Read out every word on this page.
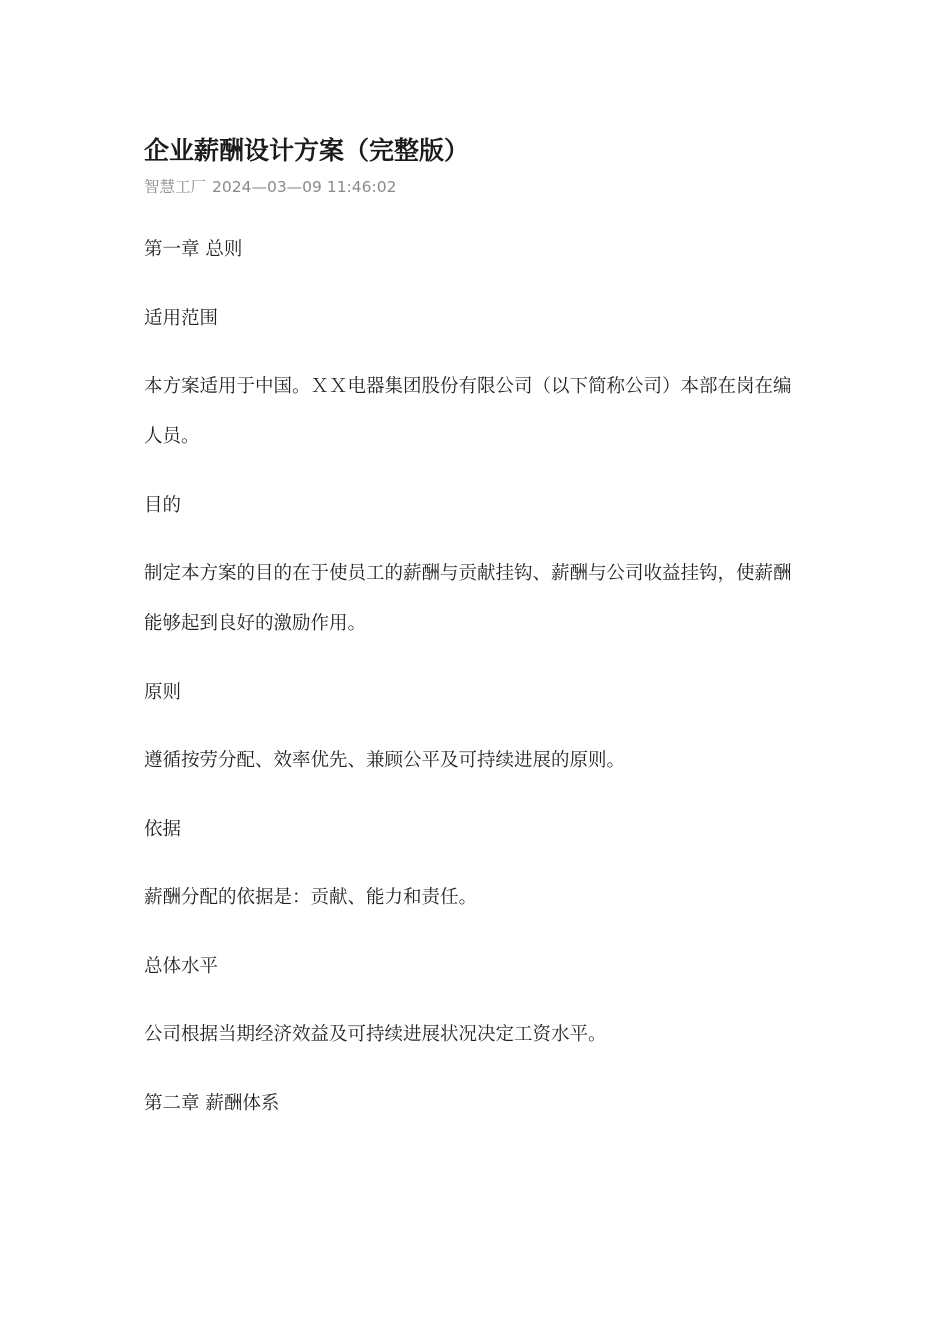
企业薪酬设计方案（完整版）
智慧工厂 2024—03—09 11:46:02

第一章 总则

适用范围

本方案适用于中国。ＸＸ电器集团股份有限公司（以下简称公司）本部在岗在编人员。

目的

制定本方案的目的在于使员工的薪酬与贡献挂钩、薪酬与公司收益挂钩，使薪酬能够起到良好的激励作用。

原则

遵循按劳分配、效率优先、兼顾公平及可持续进展的原则。

依据

薪酬分配的依据是：贡献、能力和责任。

总体水平

公司根据当期经济效益及可持续进展状况决定工资水平。

第二章 薪酬体系
